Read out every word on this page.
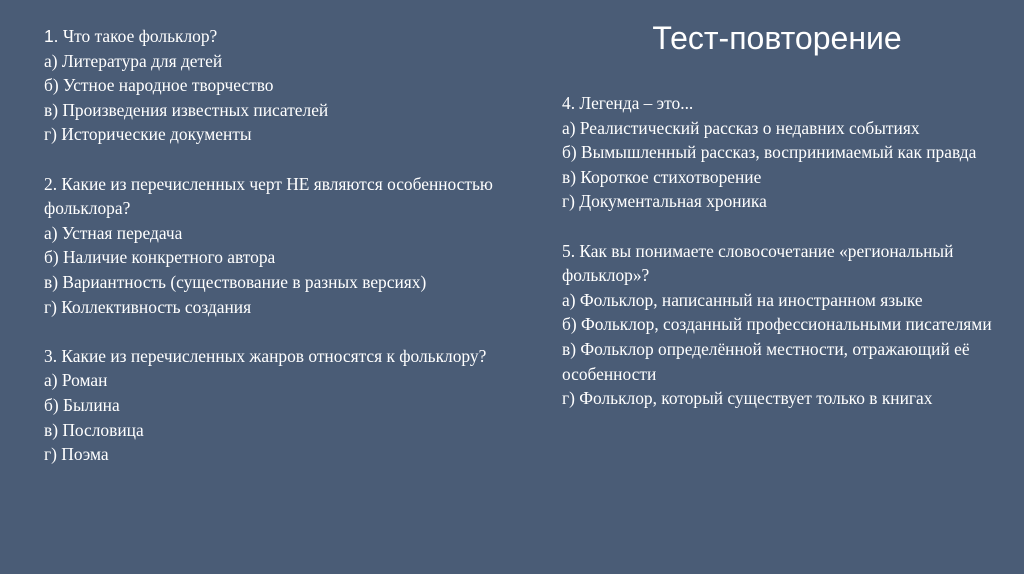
Тест-повторение
1. Что такое фольклор?
а) Литература для детей
б) Устное народное творчество
в) Произведения известных писателей
г) Исторические документы
2. Какие из перечисленных черт НЕ являются особенностью фольклора?
а) Устная передача
б) Наличие конкретного автора
в) Вариантность (существование в разных версиях)
г) Коллективность создания
3. Какие из перечисленных жанров относятся к фольклору?
а) Роман
б) Былина
в) Пословица
г) Поэма
4. Легенда – это...
а) Реалистический рассказ о недавних событиях
б) Вымышленный рассказ, воспринимаемый как правда
в) Короткое стихотворение
г) Документальная хроника
5. Как вы понимаете словосочетание «региональный фольклор»?
а) Фольклор, написанный на иностранном языке
б) Фольклор, созданный профессиональными писателями
в) Фольклор определённой местности, отражающий её особенности
г) Фольклор, который существует только в книгах
